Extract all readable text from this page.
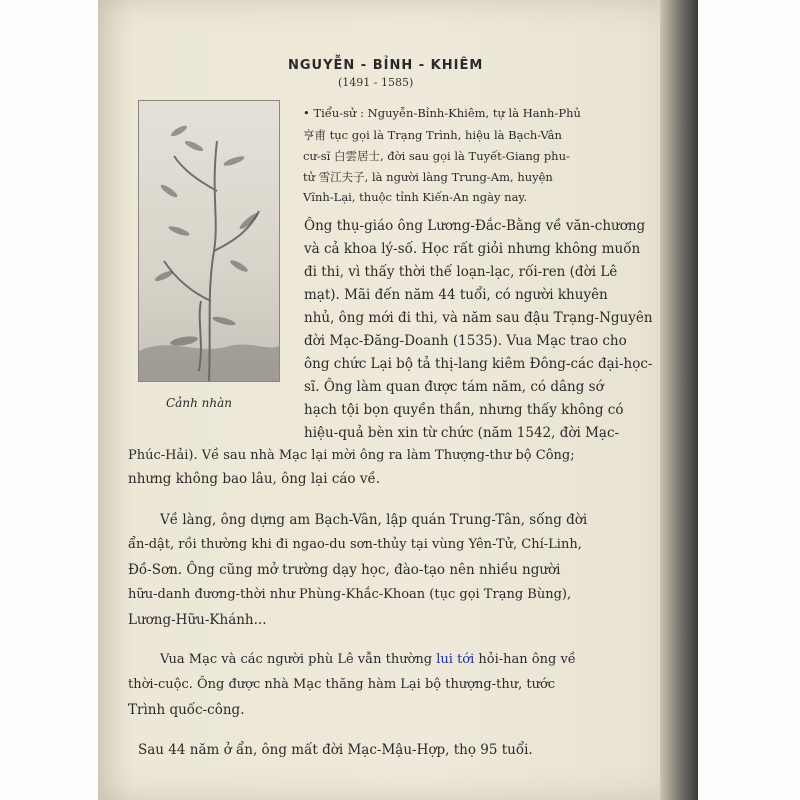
NGUYỄN - BỈNH - KHIÊM
(1491 - 1585)
Cảnh nhàn
• Tiểu-sử : Nguyễn-Bỉnh-Khiêm, tự là Hanh-Phủ
亨甫 tục gọi là Trạng Trình, hiệu là Bạch-Vân
cư-sĩ 白雲居士, đời sau gọi là Tuyết-Giang phu-
tử 雪江夫子, là người làng Trung-Am, huyện
Vĩnh-Lại, thuộc tỉnh Kiến-An ngày nay.
Ông thụ-giáo ông Lương-Đắc-Bằng về văn-chương
và cả khoa lý-số. Học rất giỏi nhưng không muốn
đi thi, vì thấy thời thế loạn-lạc, rối-ren (đời Lê
mạt). Mãi đến năm 44 tuổi, có người khuyên
nhủ, ông mới đi thi, và năm sau đậu Trạng-Nguyên
đời Mạc-Đăng-Doanh (1535). Vua Mạc trao cho
ông chức Lại bộ tả thị-lang kiêm Đông-các đại-học-
sĩ. Ông làm quan được tám năm, có dâng sớ
hạch tội bọn quyền thần, nhưng thấy không có
hiệu-quả bèn xin từ chức (năm 1542, đời Mạc-
Phúc-Hải). Về sau nhà Mạc lại mời ông ra làm Thượng-thư bộ Công;
nhưng không bao lâu, ông lại cáo về.
Về làng, ông dựng am Bạch-Vân, lập quán Trung-Tân, sống đời
ẩn-dật, rồi thường khi đi ngao-du sơn-thủy tại vùng Yên-Tử, Chí-Linh,
Đồ-Sơn. Ông cũng mở trường dạy học, đào-tạo nên nhiều người
hữu-danh đương-thời như Phùng-Khắc-Khoan (tục gọi Trạng Bùng),
Lương-Hữu-Khánh...
Vua Mạc và các người phù Lê vẫn thường lui tới hỏi-han ông về
thời-cuộc. Ông được nhà Mạc thăng hàm Lại bộ thượng-thư, tước
Trình quốc-công.
Sau 44 năm ở ẩn, ông mất đời Mạc-Mậu-Hợp, thọ 95 tuổi.
